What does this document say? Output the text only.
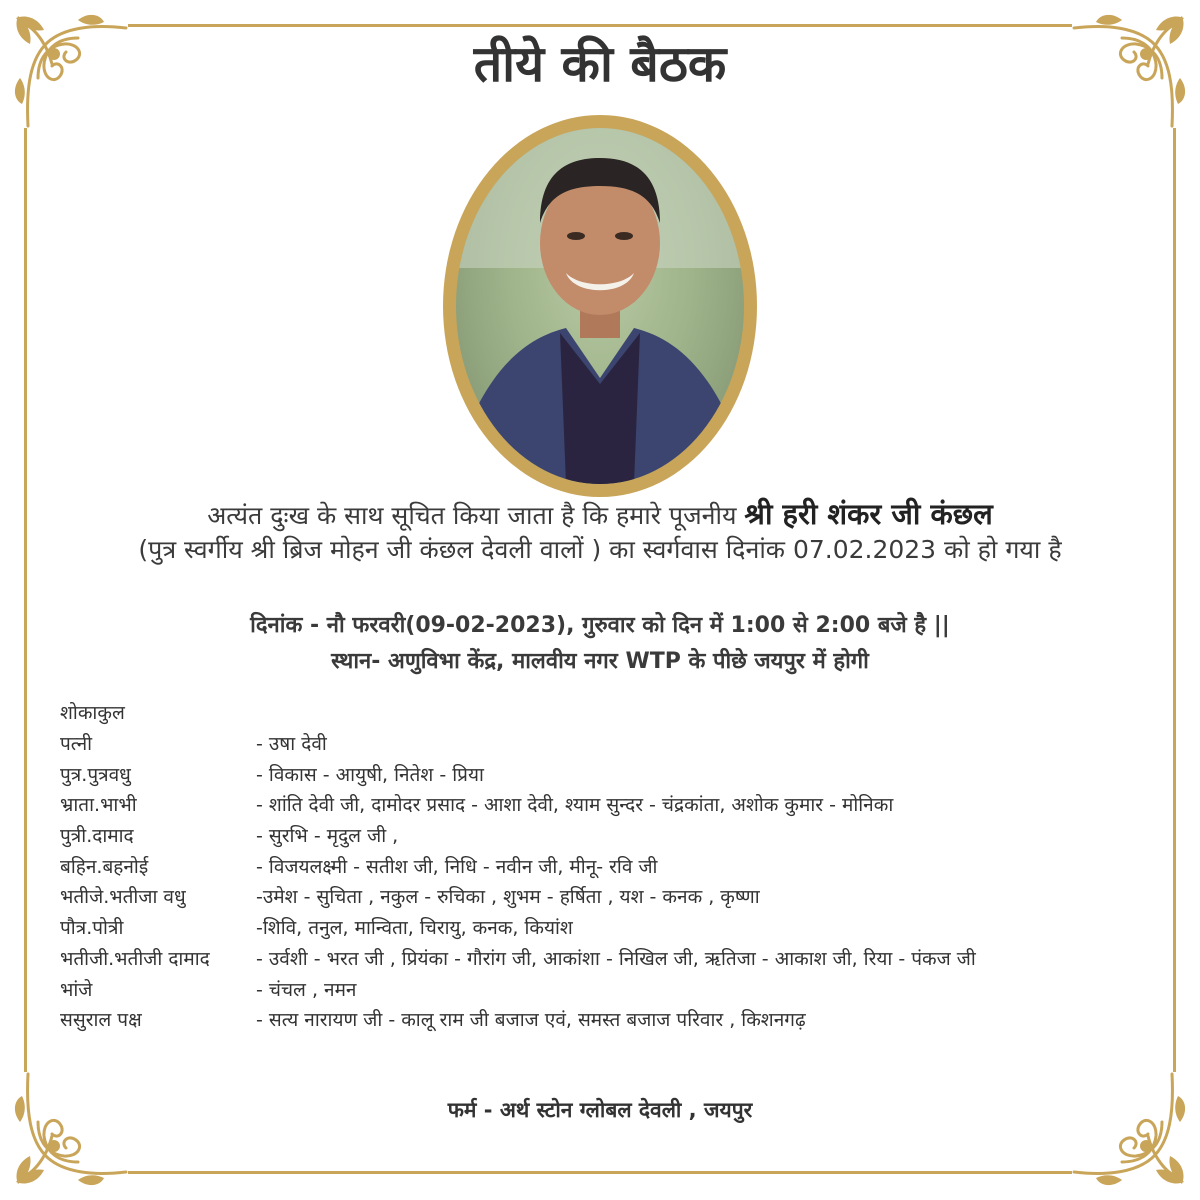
तीये की बैठक
अत्यंत दुःख के साथ सूचित किया जाता है कि हमारे पूजनीय श्री हरी शंकर जी कंछल
(पुत्र स्वर्गीय श्री ब्रिज मोहन जी कंछल देवली वालों ) का स्वर्गवास दिनांक 07.02.2023 को हो गया है
दिनांक - नौ फरवरी(09-02-2023), गुरुवार को दिन में 1:00 से 2:00 बजे है ||
स्थान- अणुविभा केंद्र, मालवीय नगर WTP के पीछे जयपुर में होगी
शोकाकुल
पत्नी	- उषा देवी
पुत्र.पुत्रवधु	- विकास - आयुषी, नितेश - प्रिया
भ्राता.भाभी	- शांति देवी जी, दामोदर प्रसाद - आशा देवी, श्याम सुन्दर - चंद्रकांता, अशोक कुमार - मोनिका
पुत्री.दामाद	- सुरभि - मृदुल जी ,
बहिन.बहनोई	- विजयलक्ष्मी - सतीश जी, निधि - नवीन जी, मीनू- रवि जी
भतीजे.भतीजा वधु	-उमेश - सुचिता , नकुल - रुचिका , शुभम - हर्षिता , यश - कनक , कृष्णा
पौत्र.पोत्री	-शिवि, तनुल, मान्विता, चिरायु, कनक, कियांश
भतीजी.भतीजी दामाद	- उर्वशी - भरत जी , प्रियंका - गौरांग जी, आकांशा - निखिल जी, ऋतिजा - आकाश जी, रिया - पंकज जी
भांजे	- चंचल , नमन
ससुराल पक्ष	- सत्य नारायण जी - कालू राम जी बजाज एवं, समस्त बजाज परिवार , किशनगढ़
फर्म - अर्थ स्टोन ग्लोबल देवली , जयपुर
